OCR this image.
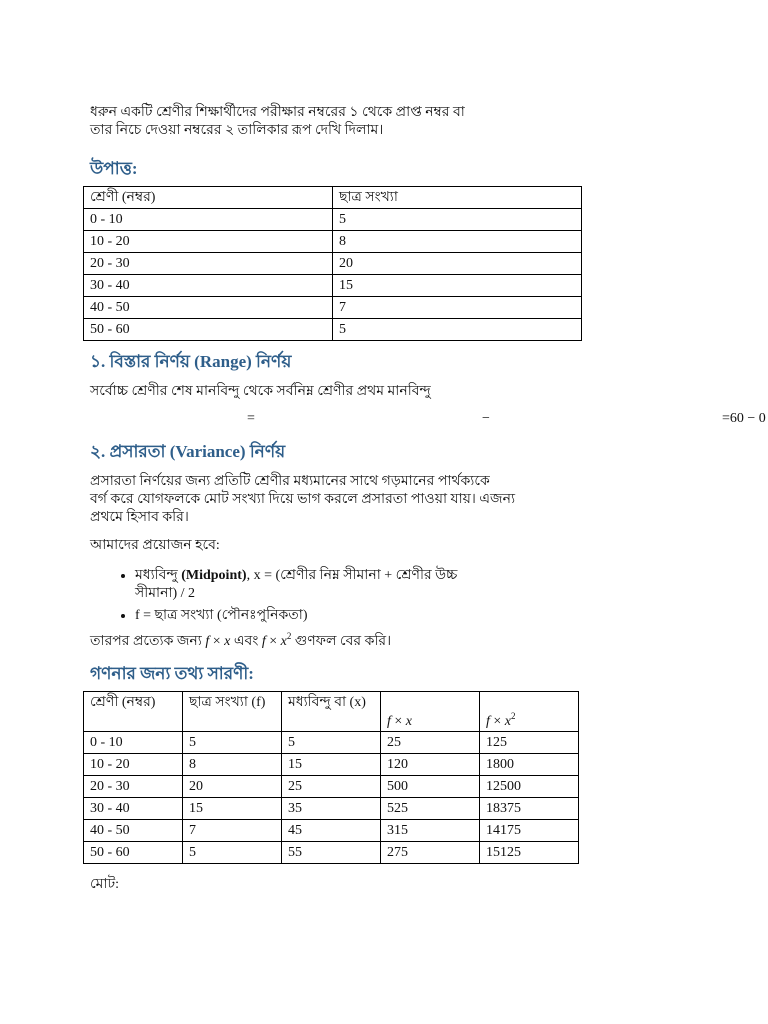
ধরুন একটি শ্রেণীর শিক্ষার্থীদের পরীক্ষার নম্বরের ১ থেকে প্রাপ্ত নম্বর বা

তার নিচে দেওয়া নম্বরের ২ তালিকার রূপ দেখি দিলাম।

উপাত্ত:
শ্রেণী (নম্বর)	ছাত্র সংখ্যা
0 - 10	5
10 - 20	8
20 - 30	20
30 - 40	15
40 - 50	7
50 - 60	5
১. বিস্তার নির্ণয় (Range) নির্ণয়

সর্বোচ্চ শ্রেণীর শেষ মানবিন্দু থেকে সর্বনিম্ন শ্রেণীর প্রথম মানবিন্দু

=	−	=60 − 0
২. প্রসারতা (Variance) নির্ণয়

প্রসারতা নির্ণয়ের জন্য প্রতিটি শ্রেণীর মধ্যমানের সাথে গড়মানের পার্থক্যকে

বর্গ করে যোগফলকে মোট সংখ্যা দিয়ে ভাগ করলে প্রসারতা পাওয়া যায়। এজন্য

প্রথমে হিসাব করি।

আমাদের প্রয়োজন হবে:

• মধ্যবিন্দু (Midpoint), x = (শ্রেণীর নিম্ন সীমানা + শ্রেণীর উচ্চ
সীমানা) / 2
• f = ছাত্র সংখ্যা (পৌনঃপুনিকতা)

তারপর প্রত্যেক জন্য f × x এবং $f \times x^2$ গুণফল বের করি।

গণনার জন্য তথ্য সারণী:
শ্রেণী (নম্বর)	ছাত্র সংখ্যা (f)	মধ্যবিন্দু বা (x)	f × x	$f \times x^2$
0 - 10	5	5	25	125
10 - 20	8	15	120	1800
20 - 30	20	25	500	12500
30 - 40	15	35	525	18375
40 - 50	7	45	315	14175
50 - 60	5	55	275	15125

মোট:
